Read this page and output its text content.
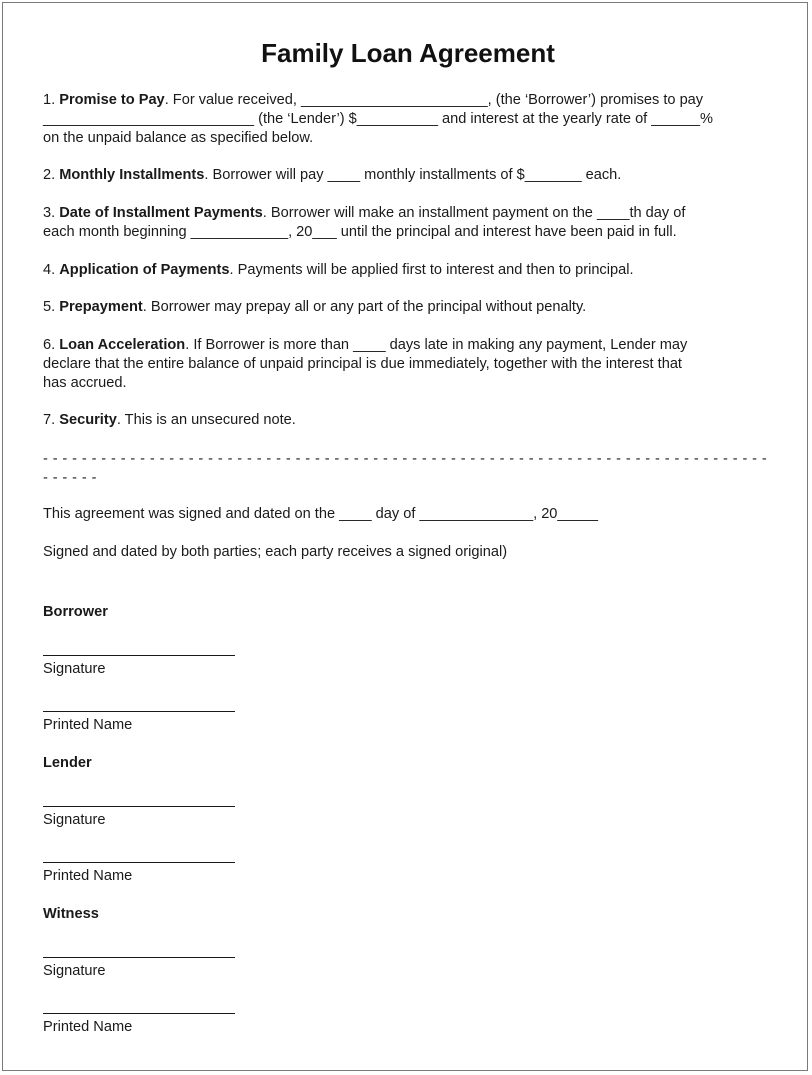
Family Loan Agreement
1. Promise to Pay. For value received, _______________________, (the ‘Borrower’) promises to pay
__________________________ (the ‘Lender’) $__________ and interest at the yearly rate of ______%
on the unpaid balance as specified below.
2. Monthly Installments. Borrower will pay ____ monthly installments of $_______ each.
3. Date of Installment Payments. Borrower will make an installment payment on the ____th day of
each month beginning ____________, 20___ until the principal and interest have been paid in full.
4. Application of Payments. Payments will be applied first to interest and then to principal.
5. Prepayment. Borrower may prepay all or any part of the principal without penalty.
6. Loan Acceleration. If Borrower is more than ____ days late in making any payment, Lender may
declare that the entire balance of unpaid principal is due immediately, together with the interest that
has accrued.
7. Security. This is an unsecured note.
- - - - - - - - - - - - - - - - - - - - - - - - - - - - - - - - - - - - - - - - - - - - - - - - - - - - - - - - - - - - - - - - - - - - - - - - - - - - - - - - -

This agreement was signed and dated on the ____ day of ______________, 20_____

Signed and dated by both parties; each party receives a signed original)

Borrower

Signature

Printed Name

Lender

Signature

Printed Name

Witness

Signature

Printed Name
